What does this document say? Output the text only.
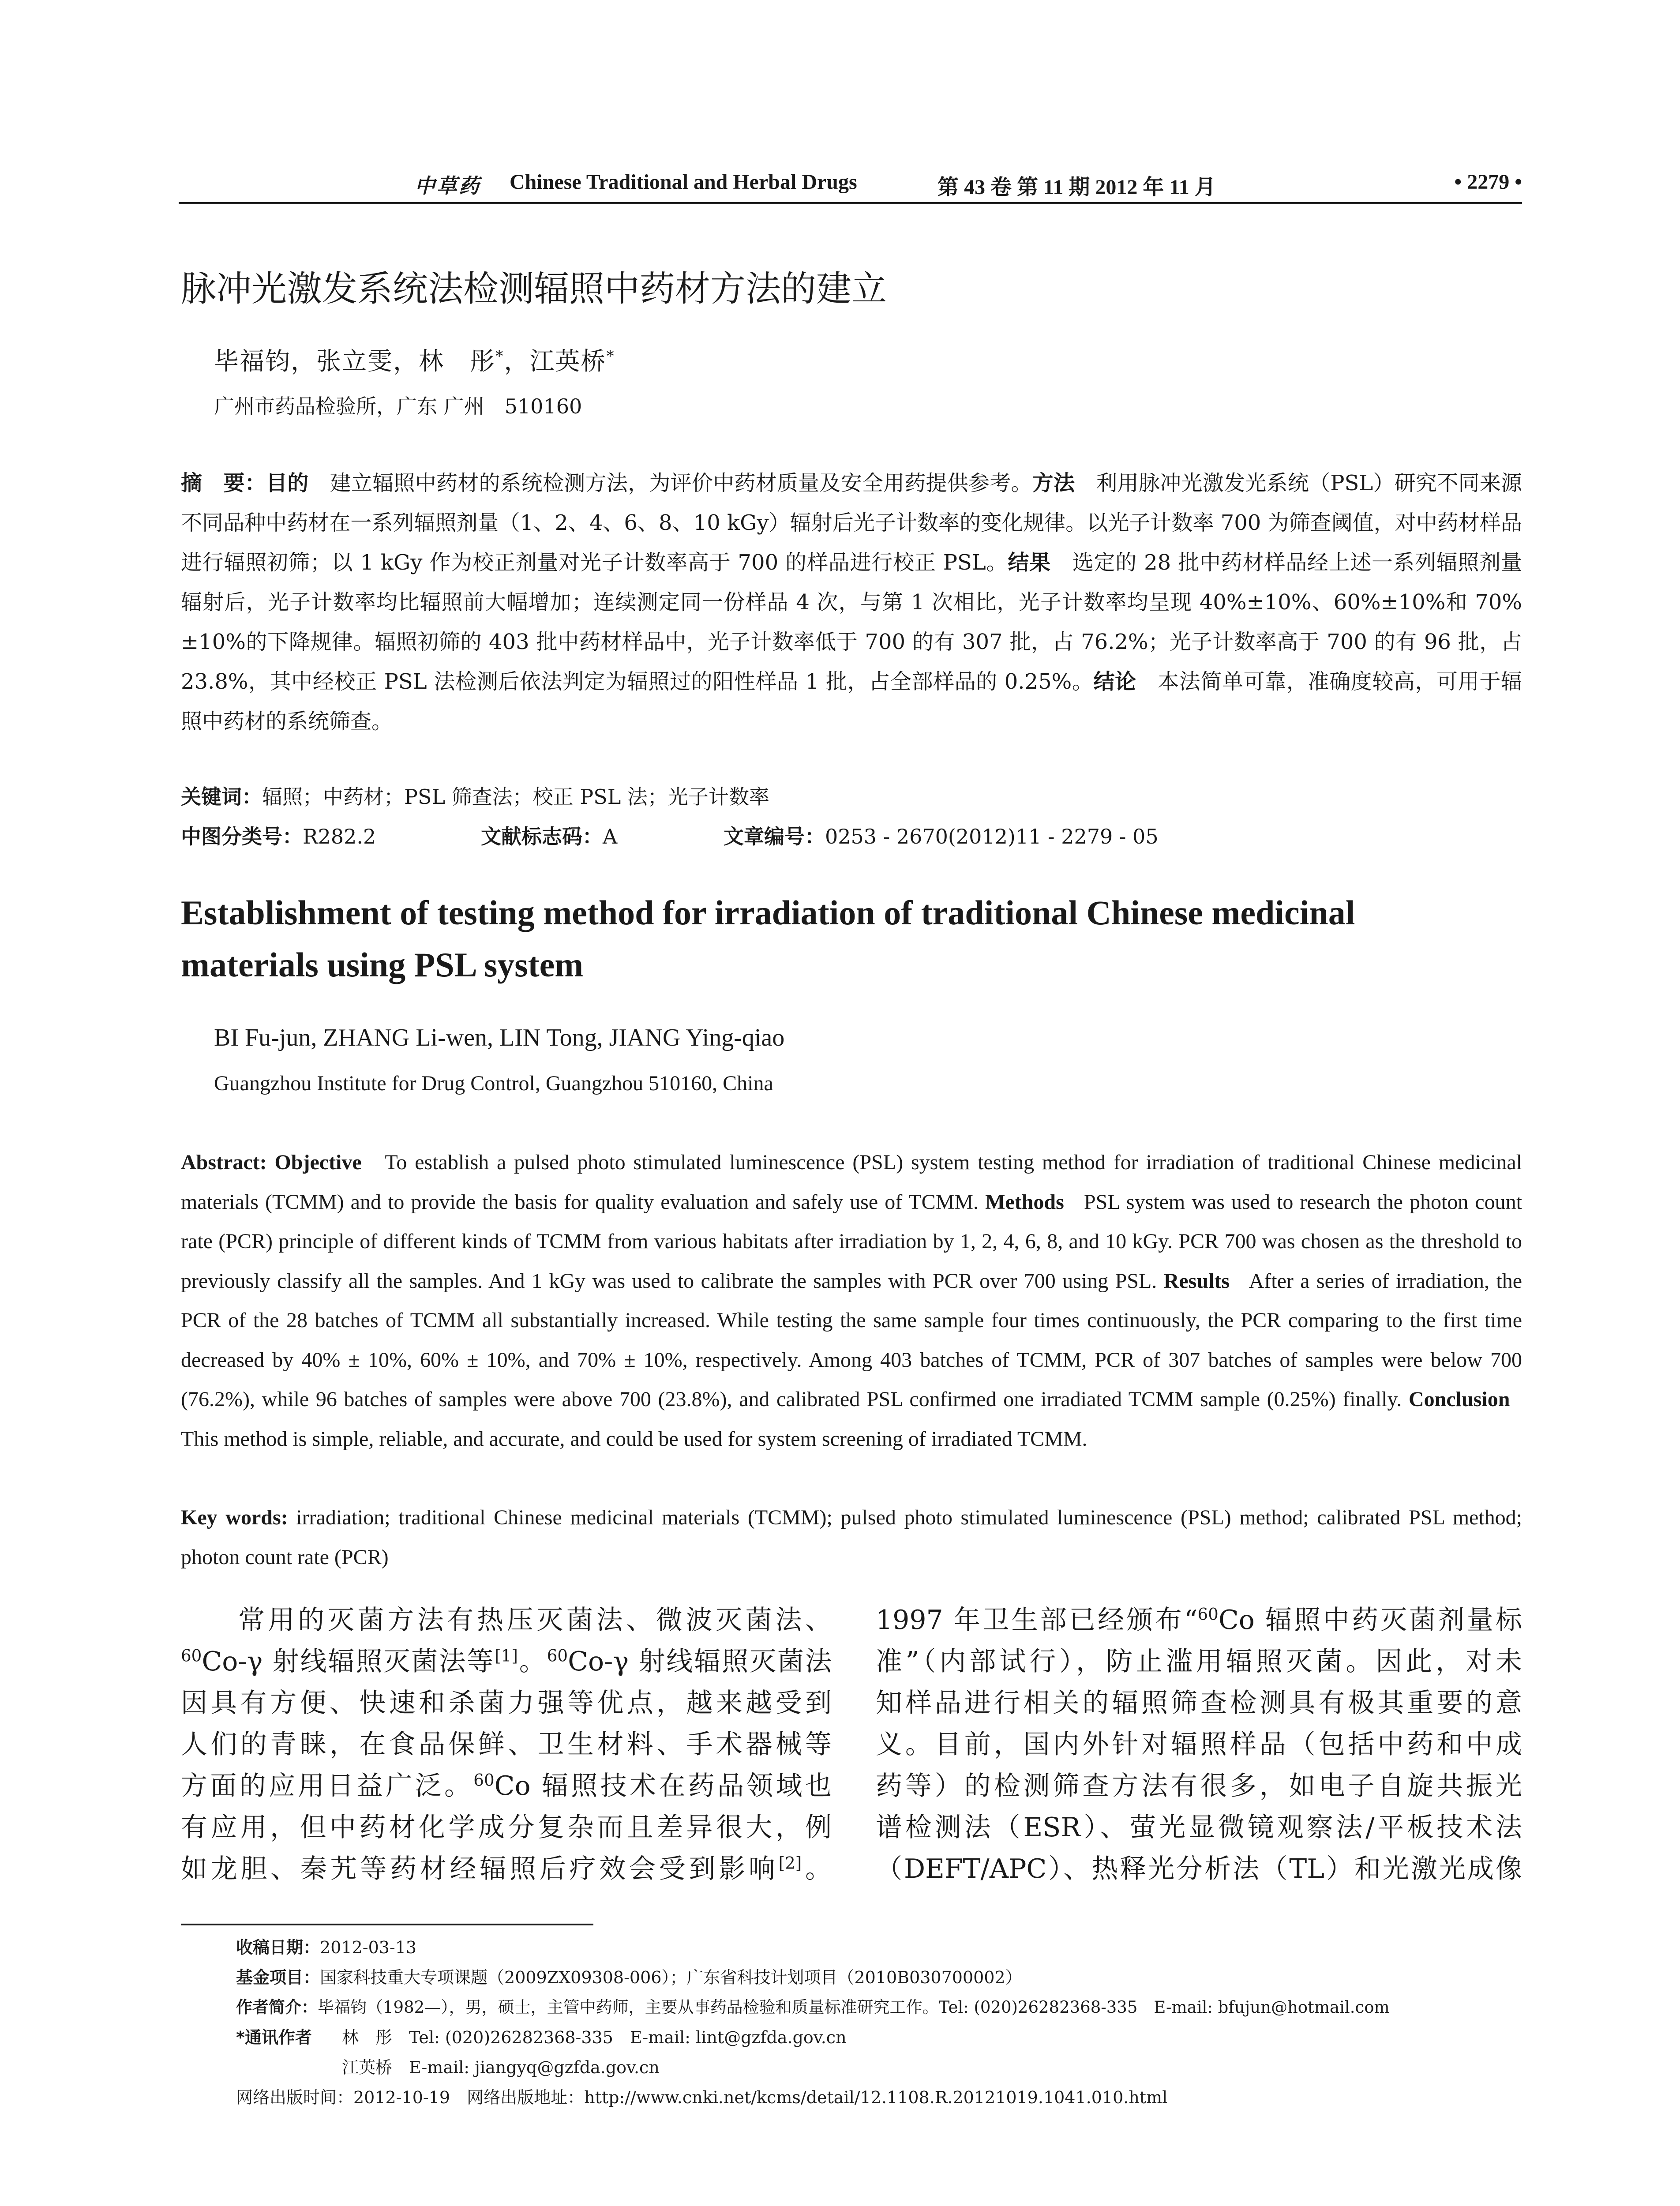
中草药 Chinese Traditional and Herbal Drugs	第 43 卷 第 11 期 2012 年 11 月	• 2279 •
脉冲光激发系统法检测辐照中药材方法的建立
毕福钧，张立雯，林　彤*，江英桥*
广州市药品检验所，广东 广州　510160
摘　要：目的　 建立辐照中药材的系统检测方法，为评价中药材质量及安全用药提供参考。方法　 利用脉冲光激发光系统（PSL）研究不同来源不同品种中药材在一系列辐照剂量（1、2、4、6、8、10 kGy）辐射后光子计数率的变化规律。以光子计数率 700 为筛查阈值，对中药材样品进行辐照初筛；以 1 kGy 作为校正剂量对光子计数率高于 700 的样品进行校正 PSL。结果　 选定的 28 批中药材样品经上述一系列辐照剂量辐射后，光子计数率均比辐照前大幅增加；连续测定同一份样品 4 次，与第 1 次相比，光子计数率均呈现 40%±10%、60%±10%和 70%±10%的下降规律。辐照初筛的 403 批中药材样品中，光子计数率低于 700 的有 307 批，占 76.2%；光子计数率高于 700 的有 96 批，占 23.8%，其中经校正 PSL 法检测后依法判定为辐照过的阳性样品 1 批，占全部样品的 0.25%。结论　 本法简单可靠，准确度较高，可用于辐照中药材的系统筛查。
关键词：辐照；中药材；PSL 筛查法；校正 PSL 法；光子计数率
中图分类号：R282.2	文献标志码：A	文章编号：0253 - 2670(2012)11 - 2279 - 05
Establishment of testing method for irradiation of traditional Chinese medicinal
materials using PSL system
BI Fu-jun, ZHANG Li-wen, LIN Tong, JIANG Ying-qiao
Guangzhou Institute for Drug Control, Guangzhou 510160, China
Abstract: Objective To establish a pulsed photo stimulated luminescence (PSL) system testing method for irradiation of traditional Chinese medicinal materials (TCMM) and to provide the basis for quality evaluation and safely use of TCMM. Methods PSL system was used to research the photon count rate (PCR) principle of different kinds of TCMM from various habitats after irradiation by 1, 2, 4, 6, 8, and 10 kGy. PCR 700 was chosen as the threshold to previously classify all the samples. And 1 kGy was used to calibrate the samples with PCR over 700 using PSL. Results After a series of irradiation, the PCR of the 28 batches of TCMM all substantially increased. While testing the same sample four times continuously, the PCR comparing to the first time decreased by 40% ± 10%, 60% ± 10%, and 70% ± 10%, respectively. Among 403 batches of TCMM, PCR of 307 batches of samples were below 700 (76.2%), while 96 batches of samples were above 700 (23.8%), and calibrated PSL confirmed one irradiated TCMM sample (0.25%) finally. Conclusion   This method is simple, reliable, and accurate, and could be used for system screening of irradiated TCMM.
Key words: irradiation; traditional Chinese medicinal materials (TCMM); pulsed photo stimulated luminescence (PSL) method; calibrated PSL method; photon count rate (PCR)
常用的灭菌方法有热压灭菌法、微波灭菌法、
$^{60}$Co-γ 射线辐照灭菌法等[1]。$^{60}$Co-γ 射线辐照灭菌法
因具有方便、快速和杀菌力强等优点，越来越受到
人们的青睐，在食品保鲜、卫生材料、手术器械等
方面的应用日益广泛。$^{60}$Co 辐照技术在药品领域也
有应用，但中药材化学成分复杂而且差异很大，例
如龙胆、秦艽等药材经辐照后疗效会受到影响[2]。
1997 年卫生部已经颁布“$^{60}$Co 辐照中药灭菌剂量标
准”（内部试行），防止滥用辐照灭菌。因此，对未
知样品进行相关的辐照筛查检测具有极其重要的意
义。目前，国内外针对辐照样品（包括中药和中成
药等）的检测筛查方法有很多，如电子自旋共振光
谱检测法（ESR）、萤光显微镜观察法/平板技术法
（DEFT/APC）、热释光分析法（TL）和光激光成像
收稿日期：2012-03-13
基金项目：国家科技重大专项课题（2009ZX09308-006）；广东省科技计划项目（2010B030700002）
作者简介：毕福钧（1982—），男，硕士，主管中药师，主要从事药品检验和质量标准研究工作。Tel: (020)26282368-335　E-mail: bfujun@hotmail.com
*通讯作者 林　彤　Tel: (020)26282368-335　E-mail: lint@gzfda.gov.cn
江英桥　E-mail: jiangyq@gzfda.gov.cn
网络出版时间：2012-10-19　网络出版地址：http://www.cnki.net/kcms/detail/12.1108.R.20121019.1041.010.html
